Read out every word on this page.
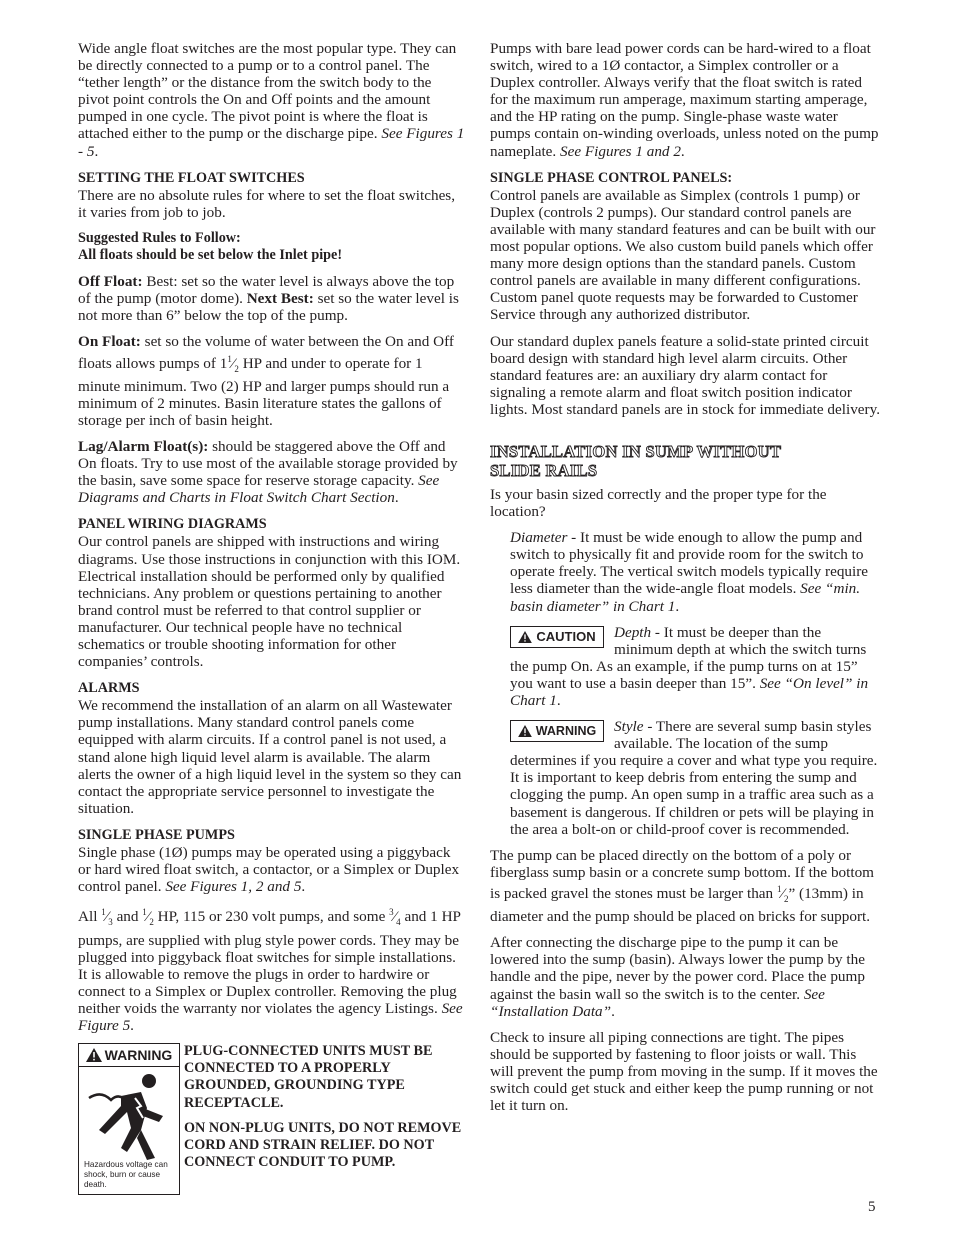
Wide angle float switches are the most popular type. They can be directly connected to a pump or to a control panel. The “tether length” or the distance from the switch body to the pivot point controls the On and Off points and the amount pumped in one cycle. The pivot point is where the float is attached either to the pump or the discharge pipe. See Figures 1 - 5.

SETTING THE FLOAT SWITCHES
There are no absolute rules for where to set the float switches, it varies from job to job.

Suggested Rules to Follow:
All floats should be set below the Inlet pipe!

Off Float: Best: set so the water level is always above the top of the pump (motor dome). Next Best: set so the water level is not more than 6” below the top of the pump.

On Float: set so the volume of water between the On and Off floats allows pumps of $1^1⁄_2$ HP and under to operate for 1 minute minimum. Two (2) HP and larger pumps should run a minimum of 2 minutes. Basin literature states the gallons of storage per inch of basin height.

Lag/Alarm Float(s): should be staggered above the Off and On floats. Try to use most of the available storage provided by the basin, save some space for reserve storage capacity. See Diagrams and Charts in Float Switch Chart Section.

PANEL WIRING DIAGRAMS
Our control panels are shipped with instructions and wiring diagrams. Use those instructions in conjunction with this IOM. Electrical installation should be performed only by qualified technicians. Any problem or questions pertaining to another brand control must be referred to that control supplier or manufacturer. Our technical people have no technical schematics or trouble shooting information for other companies’ controls.

ALARMS
We recommend the installation of an alarm on all Wastewater pump installations. Many standard control panels come equipped with alarm circuits. If a control panel is not used, a stand alone high liquid level alarm is available. The alarm alerts the owner of a high liquid level in the system so they can contact the appropriate service personnel to investigate the situation.

SINGLE PHASE PUMPS
Single phase (1Ø) pumps may be operated using a piggyback or hard wired float switch, a contactor, or a Simplex or Duplex control panel. See Figures 1, 2 and 5.

All $^1⁄_3$ and $^1⁄_2$ HP, 115 or 230 volt pumps, and some $^3⁄_4$ and 1 HP pumps, are supplied with plug style power cords. They may be plugged into piggyback float switches for simple installations. It is allowable to remove the plugs in order to hardwire or connect to a Simplex or Duplex controller. Removing the plug neither voids the warranty nor violates the agency Listings. See Figure 5.

WARNING
Hazardous voltage can shock, burn or cause death.

PLUG-CONNECTED UNITS MUST BE CONNECTED TO A PROPERLY GROUNDED, GROUNDING TYPE RECEPTACLE.

ON NON-PLUG UNITS, DO NOT REMOVE CORD AND STRAIN RELIEF. DO NOT CONNECT CONDUIT TO PUMP.

Pumps with bare lead power cords can be hard-wired to a float switch, wired to a 1Ø contactor, a Simplex controller or a Duplex controller. Always verify that the float switch is rated for the maximum run amperage, maximum starting amperage, and the HP rating on the pump. Single-phase waste water pumps contain on-winding overloads, unless noted on the pump nameplate. See Figures 1 and 2.

SINGLE PHASE CONTROL PANELS:
Control panels are available as Simplex (controls 1 pump) or Duplex (controls 2 pumps). Our standard control panels are available with many standard features and can be built with our most popular options. We also custom build panels which offer many more design options than the standard panels. Custom control panels are available in many different configurations. Custom panel quote requests may be forwarded to Customer Service through any authorized distributor.

Our standard duplex panels feature a solid-state printed circuit board design with standard high level alarm circuits. Other standard features are: an auxiliary dry alarm contact for signaling a remote alarm and float switch position indicator lights. Most standard panels are in stock for immediate delivery.

INSTALLATION IN SUMP WITHOUT
SLIDE RAILS

Is your basin sized correctly and the proper type for the location?

Diameter - It must be wide enough to allow the pump and switch to physically fit and provide room for the switch to operate freely. The vertical switch models typically require less diameter than the wide-angle float models. See “min. basin diameter” in Chart 1.

CAUTION Depth - It must be deeper than the minimum depth at which the switch turns the pump On. As an example, if the pump turns on at 15” you want to use a basin deeper than 15”. See “On level” in Chart 1.
WARNING Style - There are several sump basin styles available. The location of the sump determines if you require a cover and what type you require. It is important to keep debris from entering the sump and clogging the pump. An open sump in a traffic area such as a basement is dangerous. If children or pets will be playing in the area a bolt-on or child-proof cover is recommended.

The pump can be placed directly on the bottom of a poly or fiberglass sump basin or a concrete sump bottom. If the bottom is packed gravel the stones must be larger than $^1⁄_2$” (13mm) in diameter and the pump should be placed on bricks for support.

After connecting the discharge pipe to the pump it can be lowered into the sump (basin). Always lower the pump by the handle and the pipe, never by the power cord. Place the pump against the basin wall so the switch is to the center. See “Installation Data”.

Check to insure all piping connections are tight. The pipes should be supported by fastening to floor joists or wall. This will prevent the pump from moving in the sump. If it moves the switch could get stuck and either keep the pump running or not let it turn on.

5
